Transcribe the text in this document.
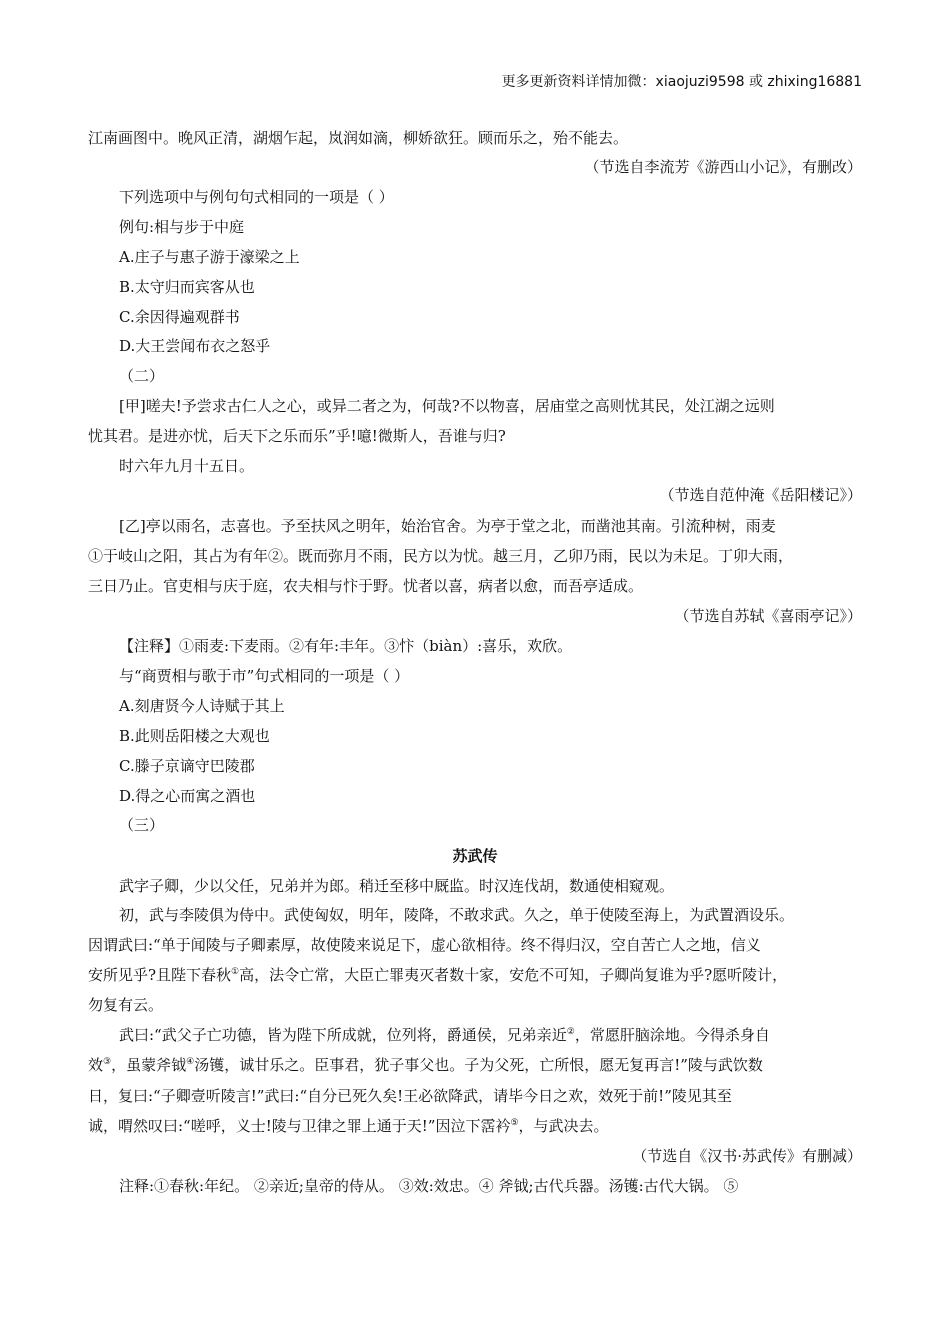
更多更新资料详情加微：xiaojuzi9598 或 zhixing16881
江南画图中。晚风正清，湖烟乍起，岚润如滴，柳娇欲狂。顾而乐之，殆不能去。
（节选自李流芳《游西山小记》，有删改）
下列选项中与例句句式相同的一项是（ ）
例句:相与步于中庭
A.庄子与惠子游于濠梁之上
B.太守归而宾客从也
C.余因得遍观群书
D.大王尝闻布衣之怒乎
（二）
[甲]嗟夫!予尝求古仁人之心，或异二者之为，何哉?不以物喜，居庙堂之高则忧其民，处江湖之远则
忧其君。是进亦忧，后天下之乐而乐”乎!噫!微斯人，吾谁与归?
时六年九月十五日。
（节选自范仲淹《岳阳楼记》）
[乙]亭以雨名，志喜也。予至扶风之明年，始治官舍。为亭于堂之北，而凿池其南。引流种树，雨麦
①于岐山之阳，其占为有年②。既而弥月不雨，民方以为忧。越三月，乙卯乃雨，民以为未足。丁卯大雨，
三日乃止。官吏相与庆于庭，农夫相与忭于野。忧者以喜，病者以愈，而吾亭适成。
（节选自苏轼《喜雨亭记》）
【注释】①雨麦:下麦雨。②有年:丰年。③忭（biàn）:喜乐，欢欣。
与“商贾相与歌于市”句式相同的一项是（ ）
A.刻唐贤今人诗赋于其上
B.此则岳阳楼之大观也
C.滕子京谪守巴陵郡
D.得之心而寓之酒也
（三）
苏武传
武字子卿，少以父任，兄弟并为郎。稍迁至移中厩监。时汉连伐胡，数通使相窥观。
初，武与李陵俱为侍中。武使匈奴，明年，陵降，不敢求武。久之，单于使陵至海上，为武置酒设乐。
因谓武曰:“单于闻陵与子卿素厚，故使陵来说足下，虚心欲相待。终不得归汉，空自苦亡人之地，信义
安所见乎?且陛下春秋①高，法令亡常，大臣亡罪夷灭者数十家，安危不可知，子卿尚复谁为乎?愿听陵计，
勿复有云。
武曰:“武父子亡功德，皆为陛下所成就，位列将，爵通侯，兄弟亲近②，常愿肝脑涂地。今得杀身自
效③，虽蒙斧钺④汤镬，诚甘乐之。臣事君，犹子事父也。子为父死，亡所恨，愿无复再言!”陵与武饮数
日，复曰:“子卿壹听陵言!”武曰:“自分已死久矣!王必欲降武，请毕今日之欢，效死于前!”陵见其至
诚，喟然叹曰:“嗟呼，义士!陵与卫律之罪上通于天!”因泣下霑衿⑤，与武决去。
（节选自《汉书·苏武传》有删减）
注释:①春秋:年纪。 ②亲近;皇帝的侍从。 ③效:效忠。④ 斧钺;古代兵器。汤镬:古代大锅。 ⑤
